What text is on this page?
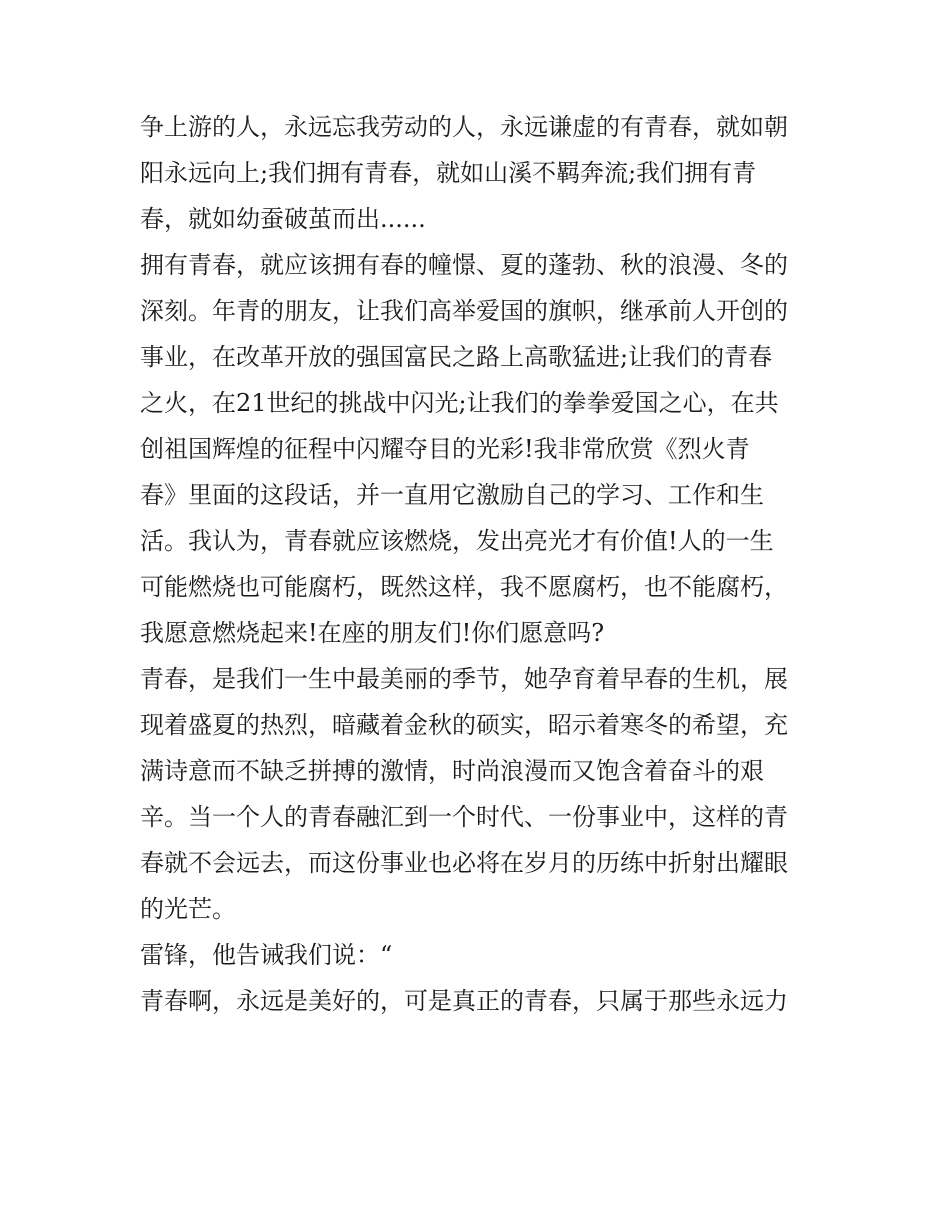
争上游的人，永远忘我劳动的人，永远谦虚的有青春，就如朝
阳永远向上;我们拥有青春，就如山溪不羁奔流;我们拥有青
春，就如幼蚕破茧而出......
拥有青春，就应该拥有春的幢憬、夏的蓬勃、秋的浪漫、冬的
深刻。年青的朋友，让我们高举爱国的旗帜，继承前人开创的
事业，在改革开放的强国富民之路上高歌猛进;让我们的青春
之火，在21世纪的挑战中闪光;让我们的拳拳爱国之心，在共
创祖国辉煌的征程中闪耀夺目的光彩!我非常欣赏《烈火青
春》里面的这段话，并一直用它激励自己的学习、工作和生
活。我认为，青春就应该燃烧，发出亮光才有价值!人的一生
可能燃烧也可能腐朽，既然这样，我不愿腐朽，也不能腐朽，
我愿意燃烧起来!在座的朋友们!你们愿意吗?
青春，是我们一生中最美丽的季节，她孕育着早春的生机，展
现着盛夏的热烈，暗藏着金秋的硕实，昭示着寒冬的希望，充
满诗意而不缺乏拼搏的激情，时尚浪漫而又饱含着奋斗的艰
辛。当一个人的青春融汇到一个时代、一份事业中，这样的青
春就不会远去，而这份事业也必将在岁月的历练中折射出耀眼
的光芒。
雷锋，他告诫我们说：“
青春啊，永远是美好的，可是真正的青春，只属于那些永远力
